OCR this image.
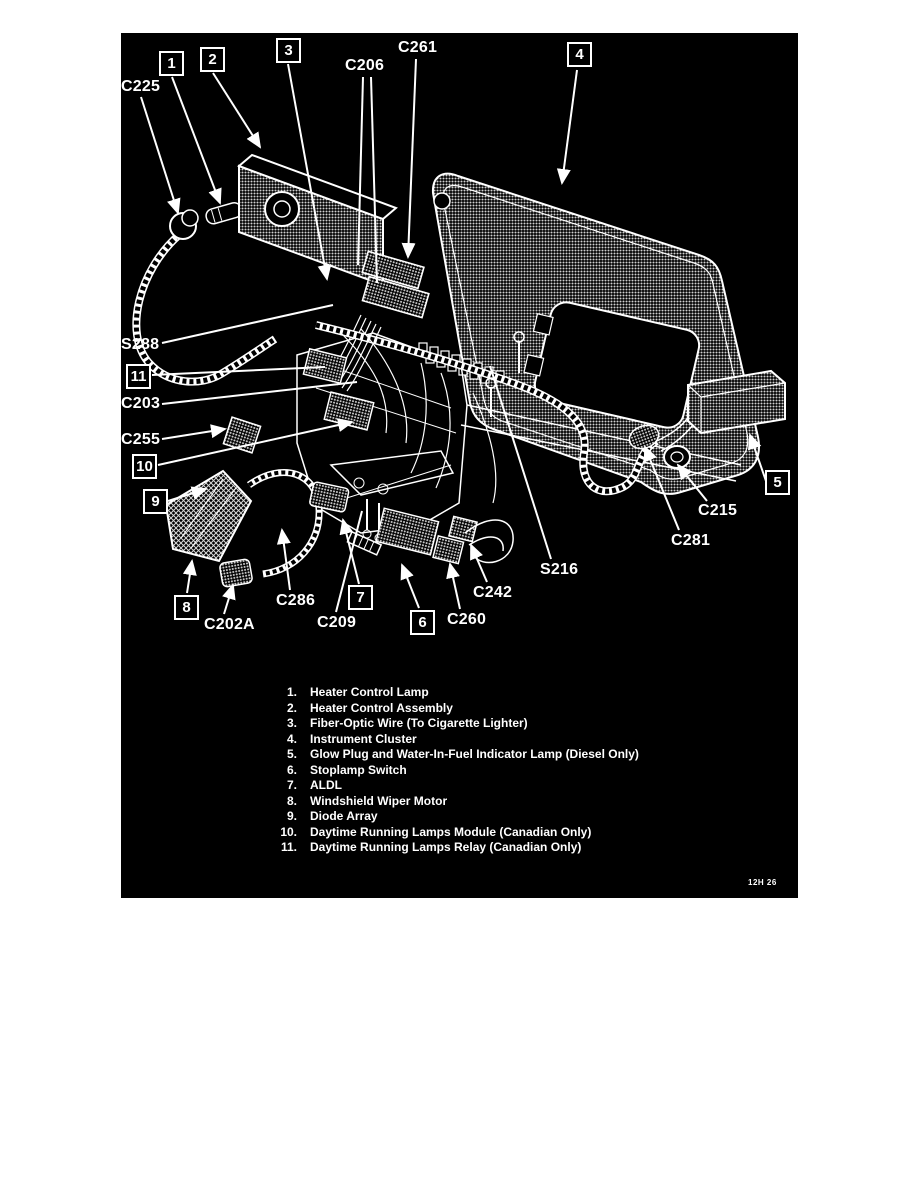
C225
C206
C261
S288
C203
C255
C215
C281
C202A
C286
C209	C260
C242
S216
1	2
3	4
5
6
7
8
9
10
11
1. Heater Control Lamp
2. Heater Control Assembly
3. Fiber-Optic Wire (To Cigarette Lighter)
4. Instrument Cluster
5. Glow Plug and Water-In-Fuel Indicator Lamp (Diesel Only)
6. Stoplamp Switch
7. ALDL
8. Windshield Wiper Motor
9. Diode Array
10. Daytime Running Lamps Module (Canadian Only)
11. Daytime Running Lamps Relay (Canadian Only)
12H 26
